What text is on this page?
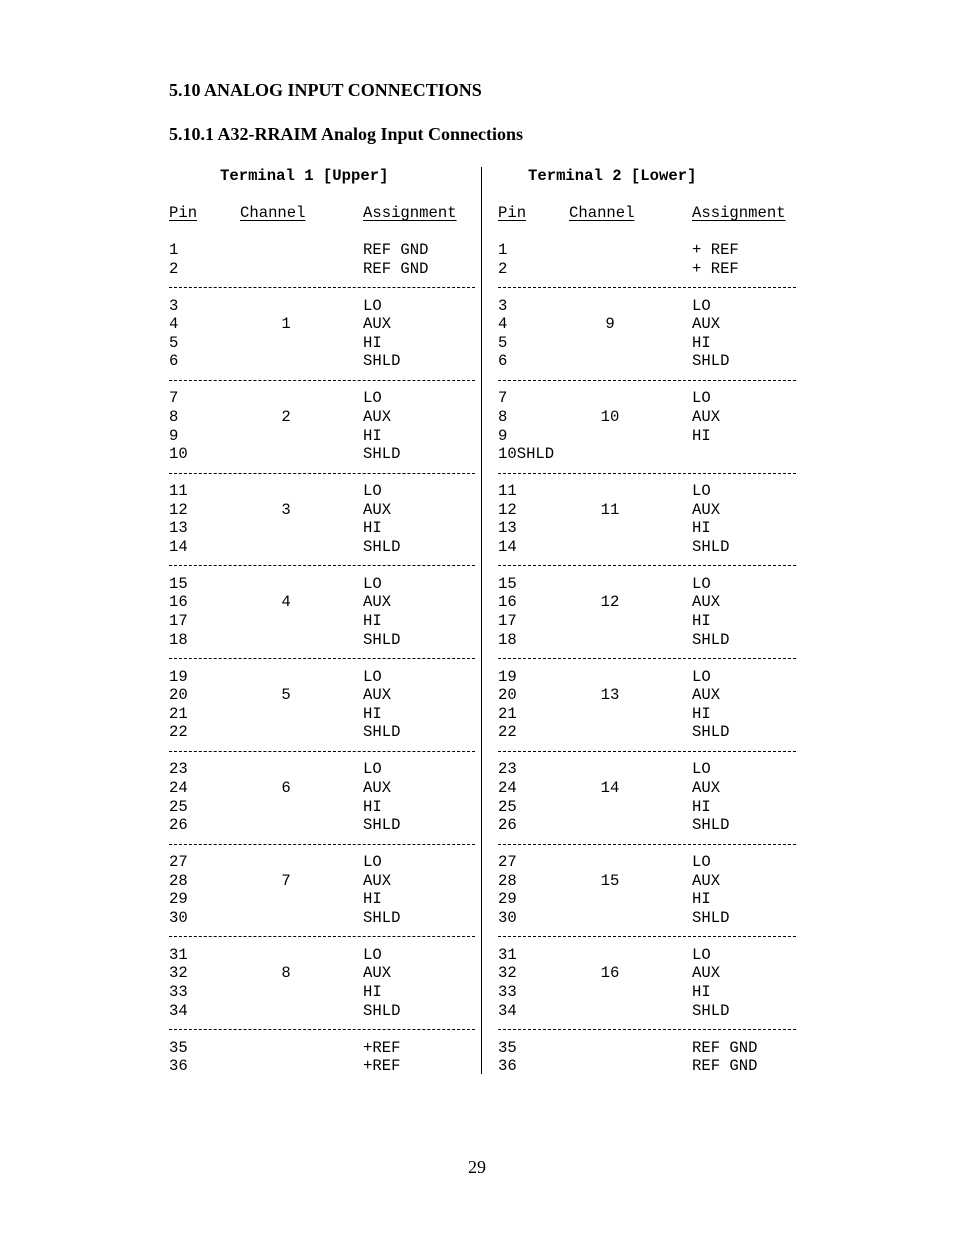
5.10 ANALOG INPUT CONNECTIONS
5.10.1 A32-RRAIM Analog Input Connections
Terminal 1 [Upper]	Terminal 2 [Lower]
Pin	Channel	Assignment	Pin	Channel	Assignment
1	REF GND
2	REF GND
3	LO
4	1	AUX
5	HI
6	SHLD
7	LO
8	2	AUX
9	HI
10	SHLD
11	LO
12	3	AUX
13	HI
14	SHLD
15	LO
16	4	AUX
17	HI
18	SHLD
19	LO
20	5	AUX
21	HI
22	SHLD
23	LO
24	6	AUX
25	HI
26	SHLD
27	LO
28	7	AUX
29	HI
30	SHLD
31	LO
32	8	AUX
33	HI
34	SHLD
35	+REF
36	+REF
1	+ REF
2	+ REF
3	LO
4	9	AUX
5	HI
6	SHLD
7	LO
8	10	AUX
9	HI
10SHLD
11	LO
12	11	AUX
13	HI
14	SHLD
15	LO
16	12	AUX
17	HI
18	SHLD
19	LO
20	13	AUX
21	HI
22	SHLD
23	LO
24	14	AUX
25	HI
26	SHLD
27	LO
28	15	AUX
29	HI
30	SHLD
31	LO
32	16	AUX
33	HI
34	SHLD
35	REF GND
36	REF GND
29
